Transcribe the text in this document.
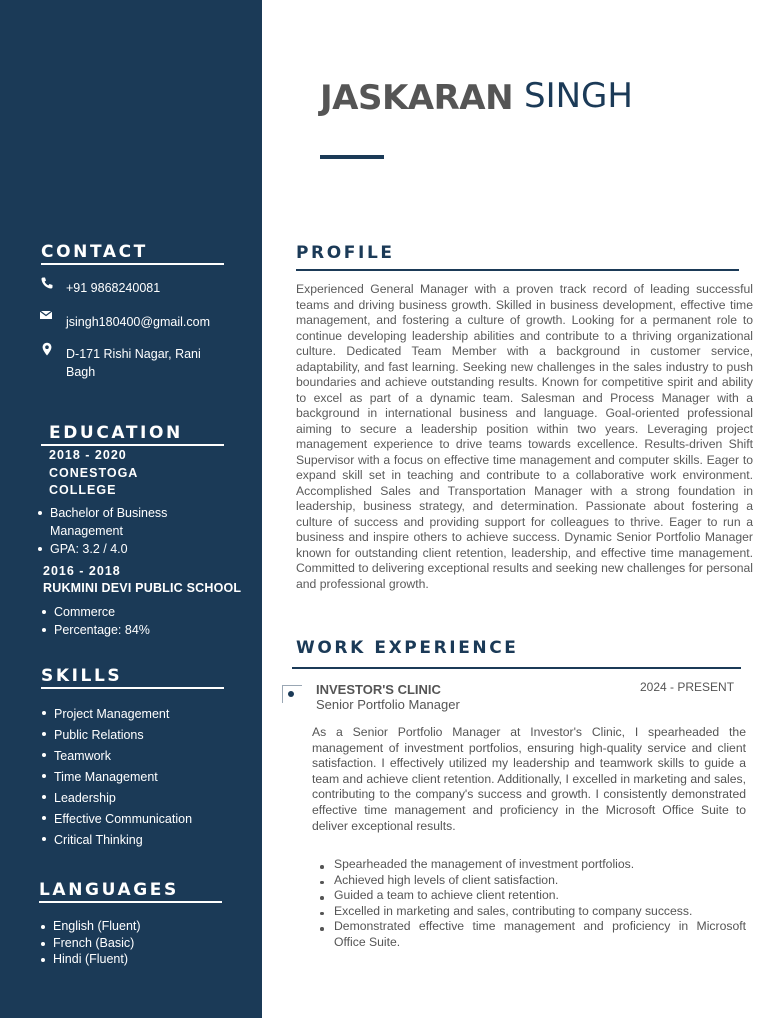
CONTACT
+91 9868240081
jsingh180400@gmail.com
D-171 Rishi Nagar, Rani
Bagh
EDUCATION
2018 - 2020
CONESTOGA
COLLEGE
Bachelor of Business
Management
GPA: 3.2 / 4.0
2016 - 2018
RUKMINI DEVI PUBLIC SCHOOL
Commerce
Percentage: 84%
SKILLS
Project Management
Public Relations
Teamwork
Time Management
Leadership
Effective Communication
Critical Thinking
LANGUAGES
English (Fluent)
French (Basic)
Hindi (Fluent)
JASKARAN SINGH
PROFILE
Experienced General Manager with a proven track record of leading successful teams and driving business growth. Skilled in business development, effective time management, and fostering a culture of growth. Looking for a permanent role to continue developing leadership abilities and contribute to a thriving organizational culture. Dedicated Team Member with a background in customer service, adaptability, and fast learning. Seeking new challenges in the sales industry to push boundaries and achieve outstanding results. Known for competitive spirit and ability to excel as part of a dynamic team. Salesman and Process Manager with a background in international business and language. Goal-oriented professional aiming to secure a leadership position within two years. Leveraging project management experience to drive teams towards excellence. Results-driven Shift Supervisor with a focus on effective time management and computer skills. Eager to expand skill set in teaching and contribute to a collaborative work environment. Accomplished Sales and Transportation Manager with a strong foundation in leadership, business strategy, and determination. Passionate about fostering a culture of success and providing support for colleagues to thrive. Eager to run a business and inspire others to achieve success. Dynamic Senior Portfolio Manager known for outstanding client retention, leadership, and effective time management. Committed to delivering exceptional results and seeking new challenges for personal and professional growth.
WORK EXPERIENCE
INVESTOR'S CLINIC
Senior Portfolio Manager
2024 - PRESENT
As a Senior Portfolio Manager at Investor's Clinic, I spearheaded the management of investment portfolios, ensuring high-quality service and client satisfaction. I effectively utilized my leadership and teamwork skills to guide a team and achieve client retention. Additionally, I excelled in marketing and sales, contributing to the company's success and growth. I consistently demonstrated effective time management and proficiency in the Microsoft Office Suite to deliver exceptional results.
Spearheaded the management of investment portfolios.
Achieved high levels of client satisfaction.
Guided a team to achieve client retention.
Excelled in marketing and sales, contributing to company success.
Demonstrated effective time management and proficiency in Microsoft Office Suite.
